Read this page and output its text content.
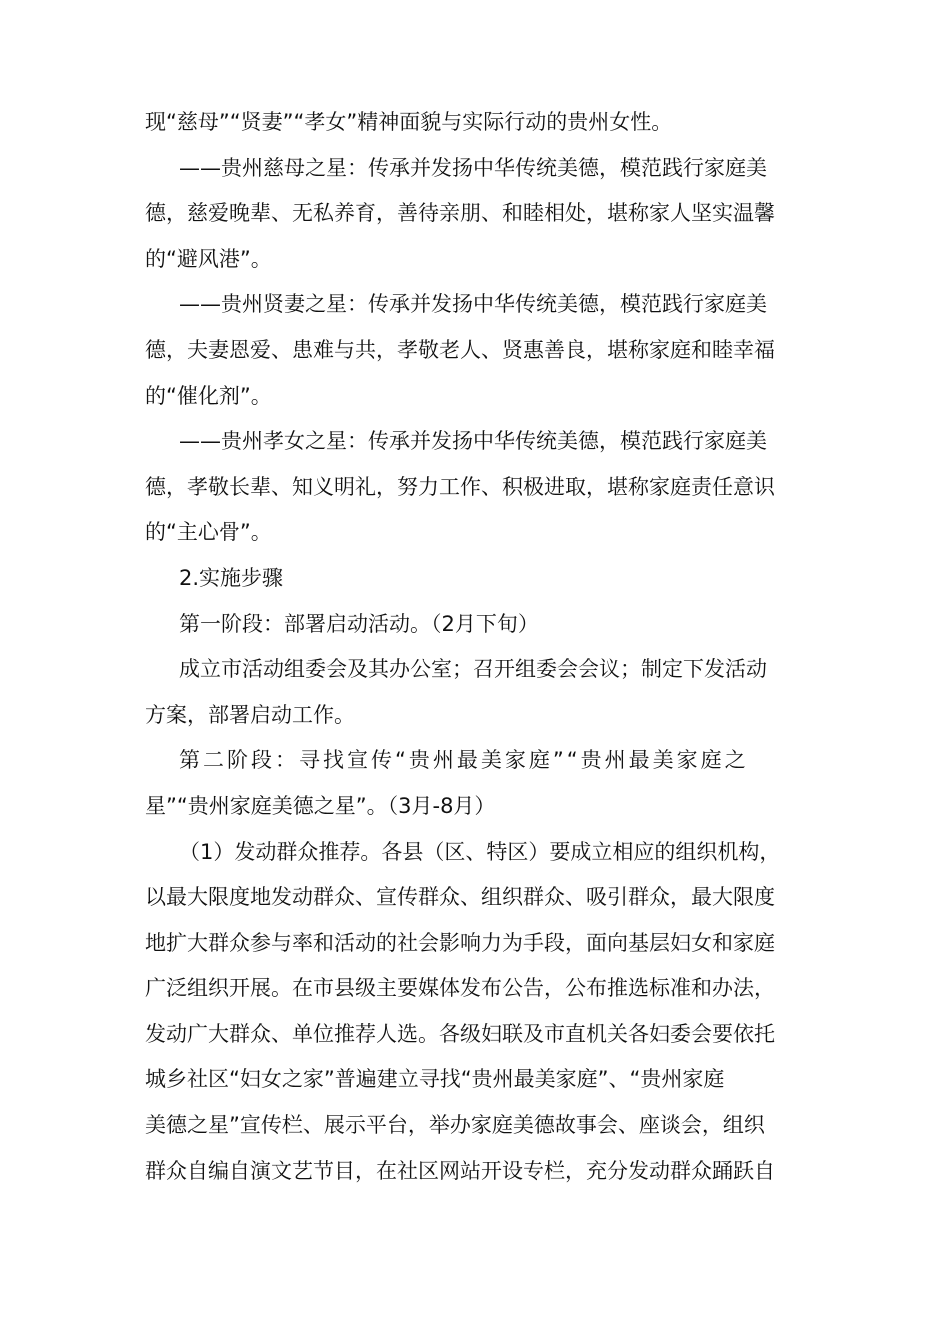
现“慈母”“贤妻”“孝女”精神面貌与实际行动的贵州女性。
——贵州慈母之星：传承并发扬中华传统美德，模范践行家庭美
德，慈爱晚辈、无私养育，善待亲朋、和睦相处，堪称家人坚实温馨
的“避风港”。
——贵州贤妻之星：传承并发扬中华传统美德，模范践行家庭美
德，夫妻恩爱、患难与共，孝敬老人、贤惠善良，堪称家庭和睦幸福
的“催化剂”。
——贵州孝女之星：传承并发扬中华传统美德，模范践行家庭美
德，孝敬长辈、知义明礼，努力工作、积极进取，堪称家庭责任意识
的“主心骨”。
2.实施步骤
第一阶段：部署启动活动。（2月下旬）
成立市活动组委会及其办公室；召开组委会会议；制定下发活动
方案，部署启动工作。
第二阶段：寻找宣传“贵州最美家庭”“贵州最美家庭之
星”“贵州家庭美德之星”。（3月-8月）
（1）发动群众推荐。各县（区、特区）要成立相应的组织机构，
以最大限度地发动群众、宣传群众、组织群众、吸引群众，最大限度
地扩大群众参与率和活动的社会影响力为手段，面向基层妇女和家庭
广泛组织开展。在市县级主要媒体发布公告，公布推选标准和办法，
发动广大群众、单位推荐人选。各级妇联及市直机关各妇委会要依托
城乡社区“妇女之家”普遍建立寻找“贵州最美家庭”、“贵州家庭
美德之星”宣传栏、展示平台，举办家庭美德故事会、座谈会，组织
群众自编自演文艺节目，在社区网站开设专栏，充分发动群众踊跃自
